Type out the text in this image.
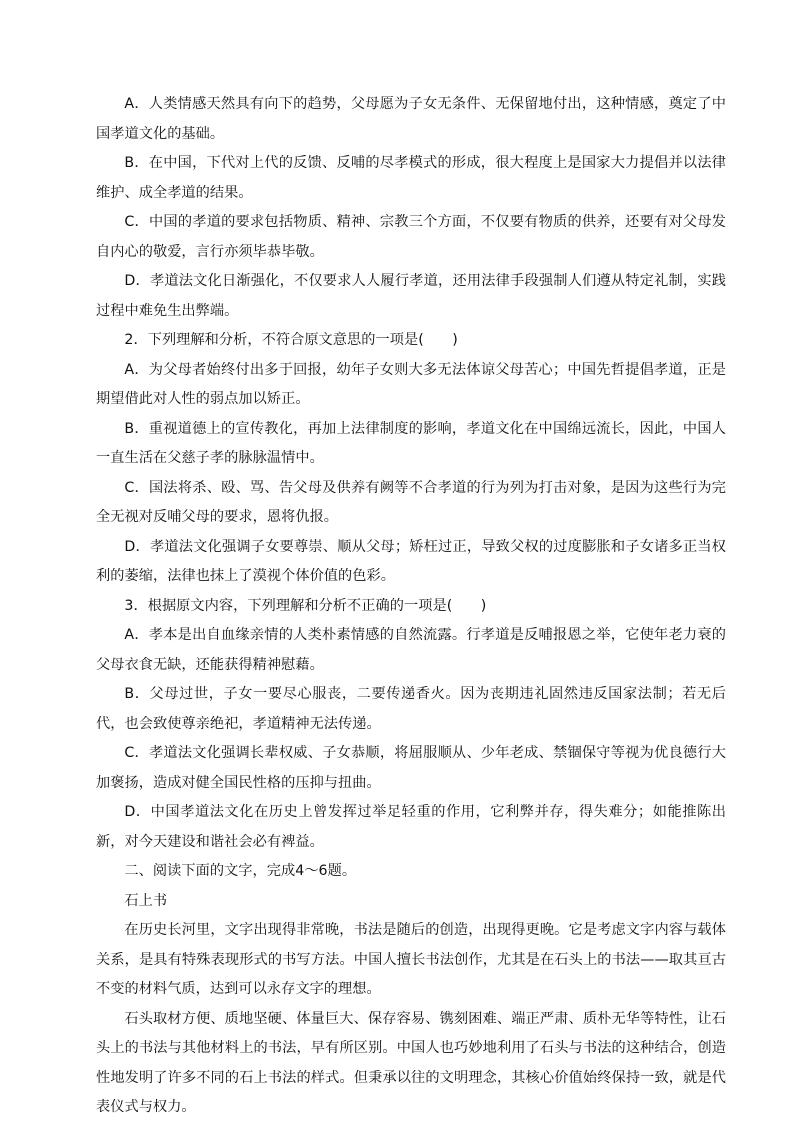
A．人类情感天然具有向下的趋势，父母愿为子女无条件、无保留地付出，这种情感，奠定了中国孝道文化的基础。

B．在中国，下代对上代的反馈、反哺的尽孝模式的形成，很大程度上是国家大力提倡并以法律维护、成全孝道的结果。

C．中国的孝道的要求包括物质、精神、宗教三个方面，不仅要有物质的供养，还要有对父母发自内心的敬爱，言行亦须毕恭毕敬。

D．孝道法文化日渐强化，不仅要求人人履行孝道，还用法律手段强制人们遵从特定礼制，实践过程中难免生出弊端。

2．下列理解和分析，不符合原文意思的一项是(　　)

A．为父母者始终付出多于回报，幼年子女则大多无法体谅父母苦心；中国先哲提倡孝道，正是期望借此对人性的弱点加以矫正。

B．重视道德上的宣传教化，再加上法律制度的影响，孝道文化在中国绵远流长，因此，中国人一直生活在父慈子孝的脉脉温情中。

C．国法将杀、殴、骂、告父母及供养有阙等不合孝道的行为列为打击对象，是因为这些行为完全无视对反哺父母的要求，恩将仇报。

D．孝道法文化强调子女要尊崇、顺从父母；矫枉过正，导致父权的过度膨胀和子女诸多正当权利的萎缩，法律也抹上了漠视个体价值的色彩。

3．根据原文内容，下列理解和分析不正确的一项是(　　)

A．孝本是出自血缘亲情的人类朴素情感的自然流露。行孝道是反哺报恩之举，它使年老力衰的父母衣食无缺，还能获得精神慰藉。

B．父母过世，子女一要尽心服丧，二要传递香火。因为丧期违礼固然违反国家法制；若无后代，也会致使尊亲绝祀，孝道精神无法传递。

C．孝道法文化强调长辈权威、子女恭顺，将屈服顺从、少年老成、禁锢保守等视为优良德行大加褒扬，造成对健全国民性格的压抑与扭曲。

D．中国孝道法文化在历史上曾发挥过举足轻重的作用，它利弊并存，得失难分；如能推陈出新，对今天建设和谐社会必有裨益。

二、阅读下面的文字，完成4～6题。

石上书

在历史长河里，文字出现得非常晚，书法是随后的创造，出现得更晚。它是考虑文字内容与载体关系，是具有特殊表现形式的书写方法。中国人擅长书法创作，尤其是在石头上的书法——取其亘古不变的材料气质，达到可以永存文字的理想。

石头取材方便、质地坚硬、体量巨大、保存容易、镌刻困难、端正严肃、质朴无华等特性，让石头上的书法与其他材料上的书法，早有所区别。中国人也巧妙地利用了石头与书法的这种结合，创造性地发明了许多不同的石上书法的样式。但秉承以往的文明理念，其核心价值始终保持一致，就是代表仪式与权力。
